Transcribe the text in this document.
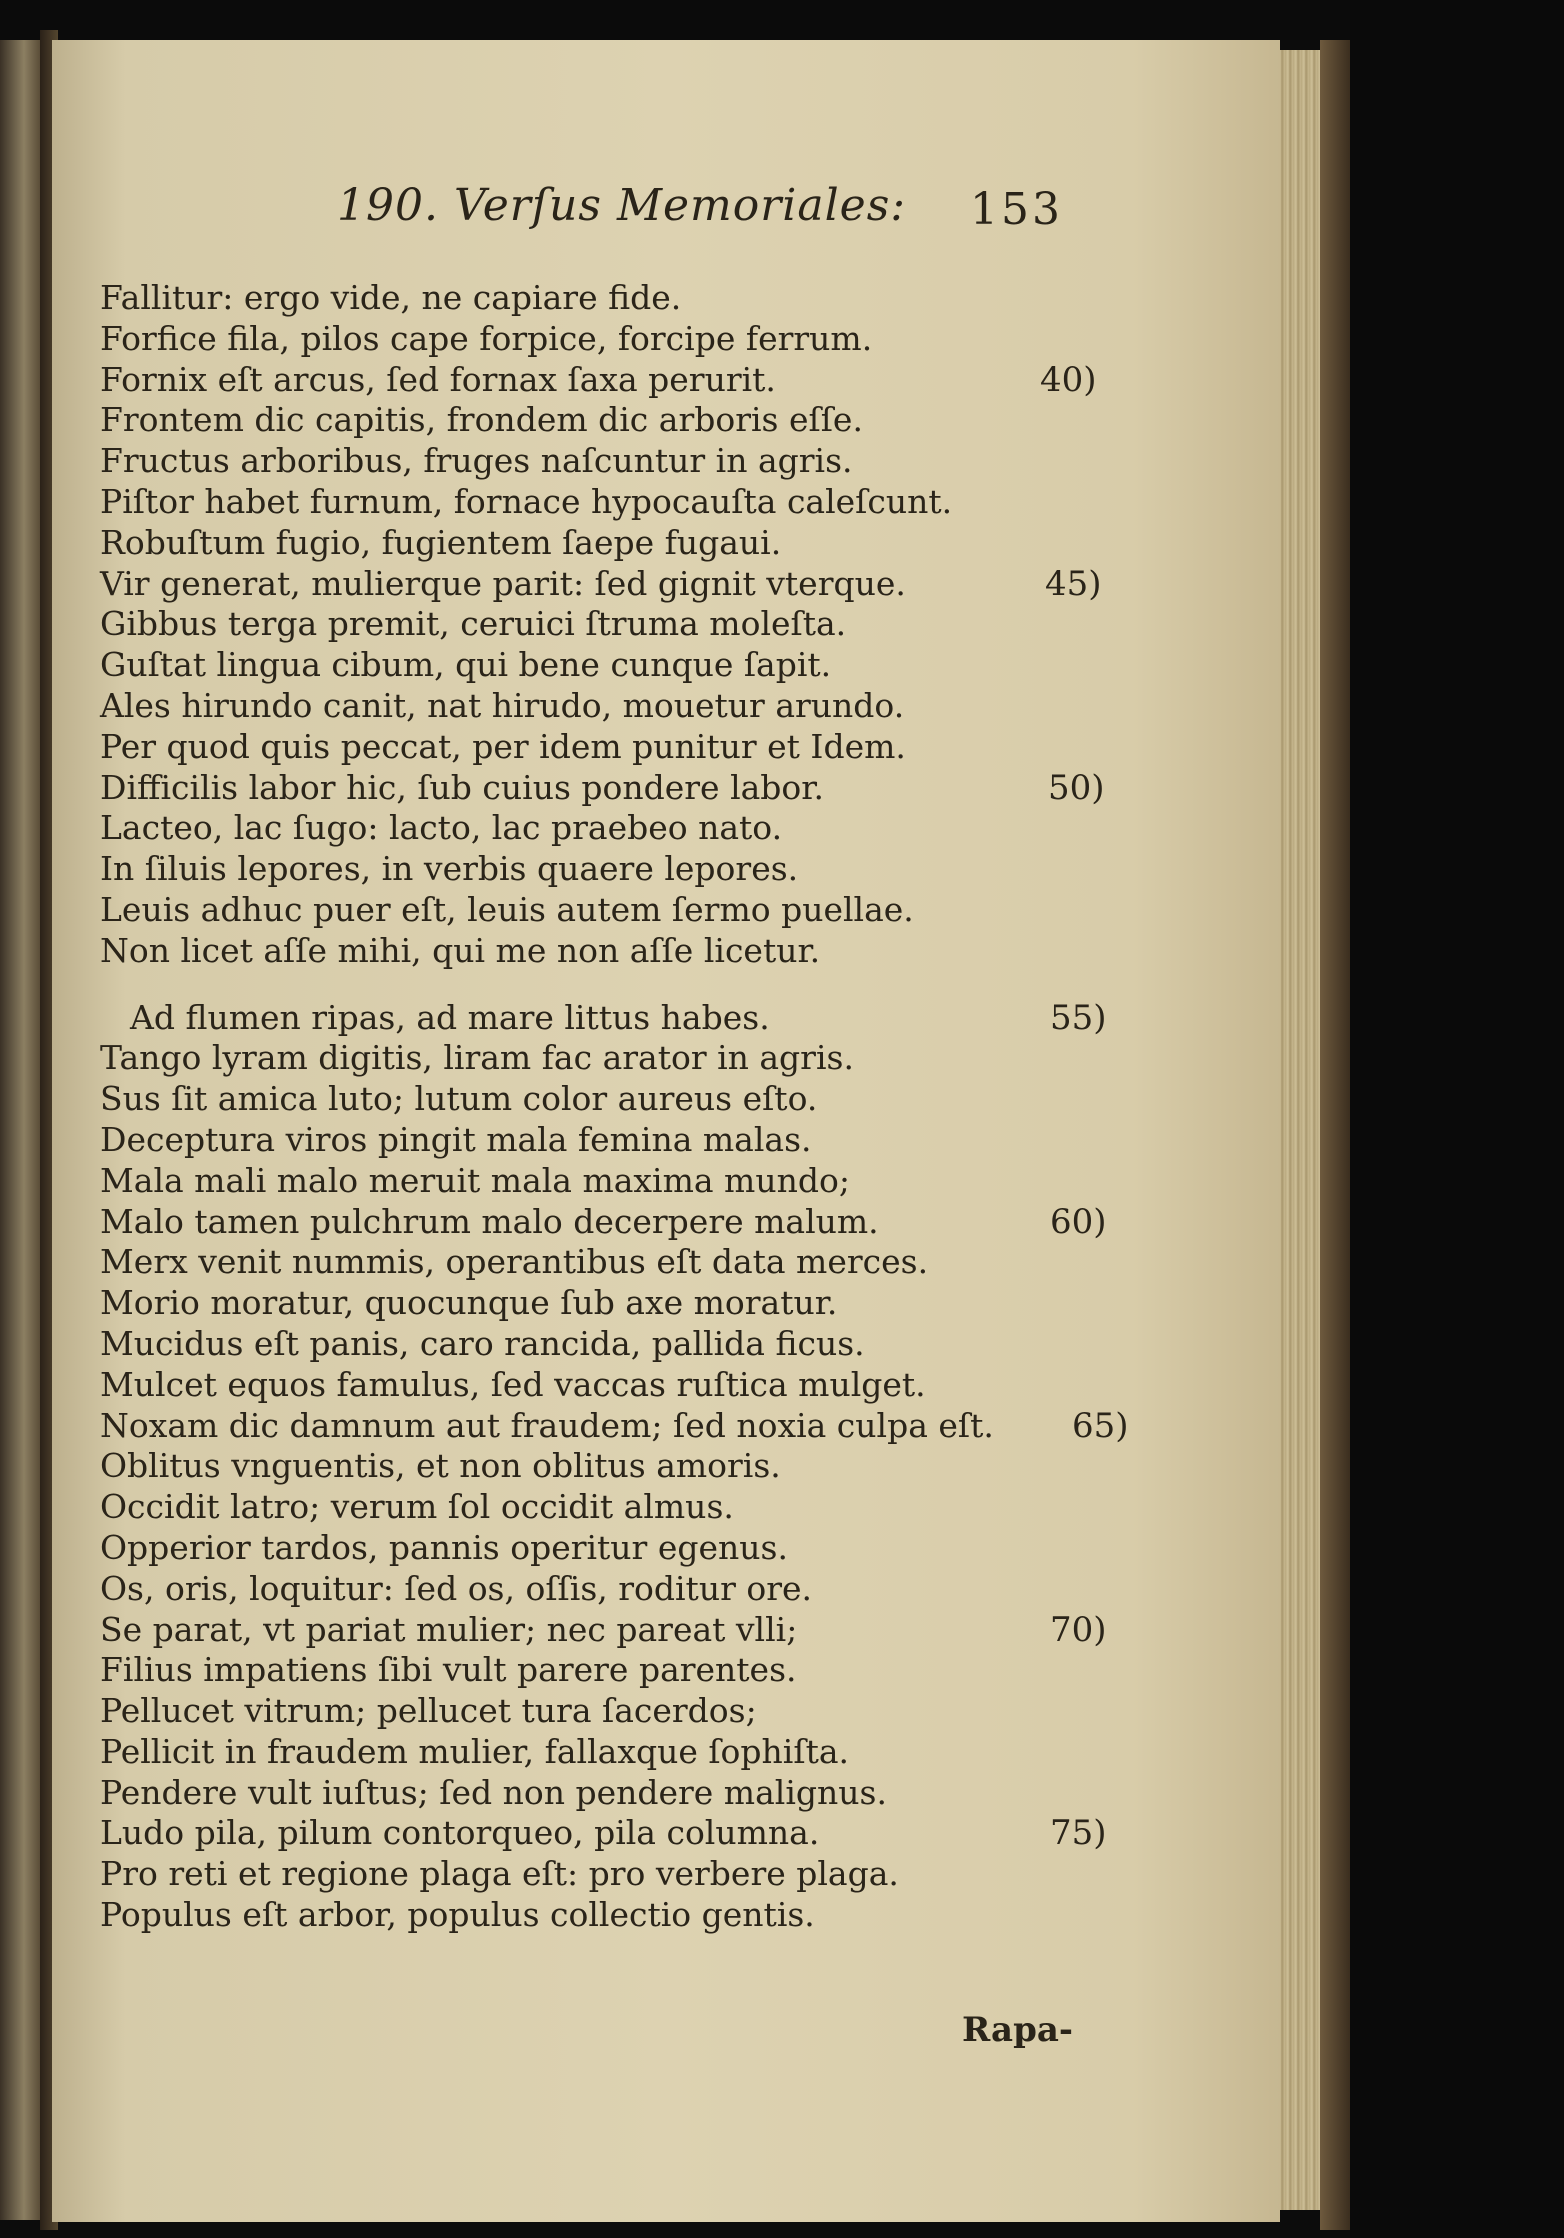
190. Verſus Memoriales: 153
Fallitur: ergo vide, ne capiare fide.
Forfice fila, pilos cape forpice, forcipe ferrum.
Fornix eſt arcus, ſed fornax ſaxa perurit.	40)
Frontem dic capitis, frondem dic arboris eſſe.
Fructus arboribus, fruges naſcuntur in agris.
Piſtor habet furnum, fornace hypocauſta caleſcunt.
Robuſtum fugio, fugientem ſaepe fugaui.
Vir generat, mulierque parit: ſed gignit vterque.	45)
Gibbus terga premit, ceruici ſtruma moleſta.
Guſtat lingua cibum, qui bene cunque ſapit.
Ales hirundo canit, nat hirudo, mouetur arundo.
Per quod quis peccat, per idem punitur et Idem.
Difficilis labor hic, ſub cuius pondere labor.	50)
Lacteo, lac ſugo: lacto, lac praebeo nato.
In ſiluis lepores, in verbis quaere lepores.
Leuis adhuc puer eſt, leuis autem ſermo puellae.
Non licet aſſe mihi, qui me non aſſe licetur.
Ad flumen ripas, ad mare littus habes.	55)
Tango lyram digitis, liram fac arator in agris.
Sus ſit amica luto; lutum color aureus eſto.
Deceptura viros pingit mala femina malas.
Mala mali malo meruit mala maxima mundo;
Malo tamen pulchrum malo decerpere malum.	60)
Merx venit nummis, operantibus eſt data merces.
Morio moratur, quocunque ſub axe moratur.
Mucidus eſt panis, caro rancida, pallida ficus.
Mulcet equos famulus, ſed vaccas ruſtica mulget.
Noxam dic damnum aut fraudem; ſed noxia culpa eſt. 65)
Oblitus vnguentis, et non oblitus amoris.
Occidit latro; verum ſol occidit almus.
Opperior tardos, pannis operitur egenus.
Os, oris, loquitur: ſed os, oſſis, roditur ore.
Se parat, vt pariat mulier; nec pareat vlli;	70)
Filius impatiens ſibi vult parere parentes.
Pellucet vitrum; pellucet tura ſacerdos;
Pellicit in fraudem mulier, fallaxque ſophiſta.
Pendere vult iuſtus; ſed non pendere malignus.
Ludo pila, pilum contorqueo, pila columna.	75)
Pro reti et regione plaga eſt: pro verbere plaga.
Populus eſt arbor, populus collectio gentis.
Rapa-
